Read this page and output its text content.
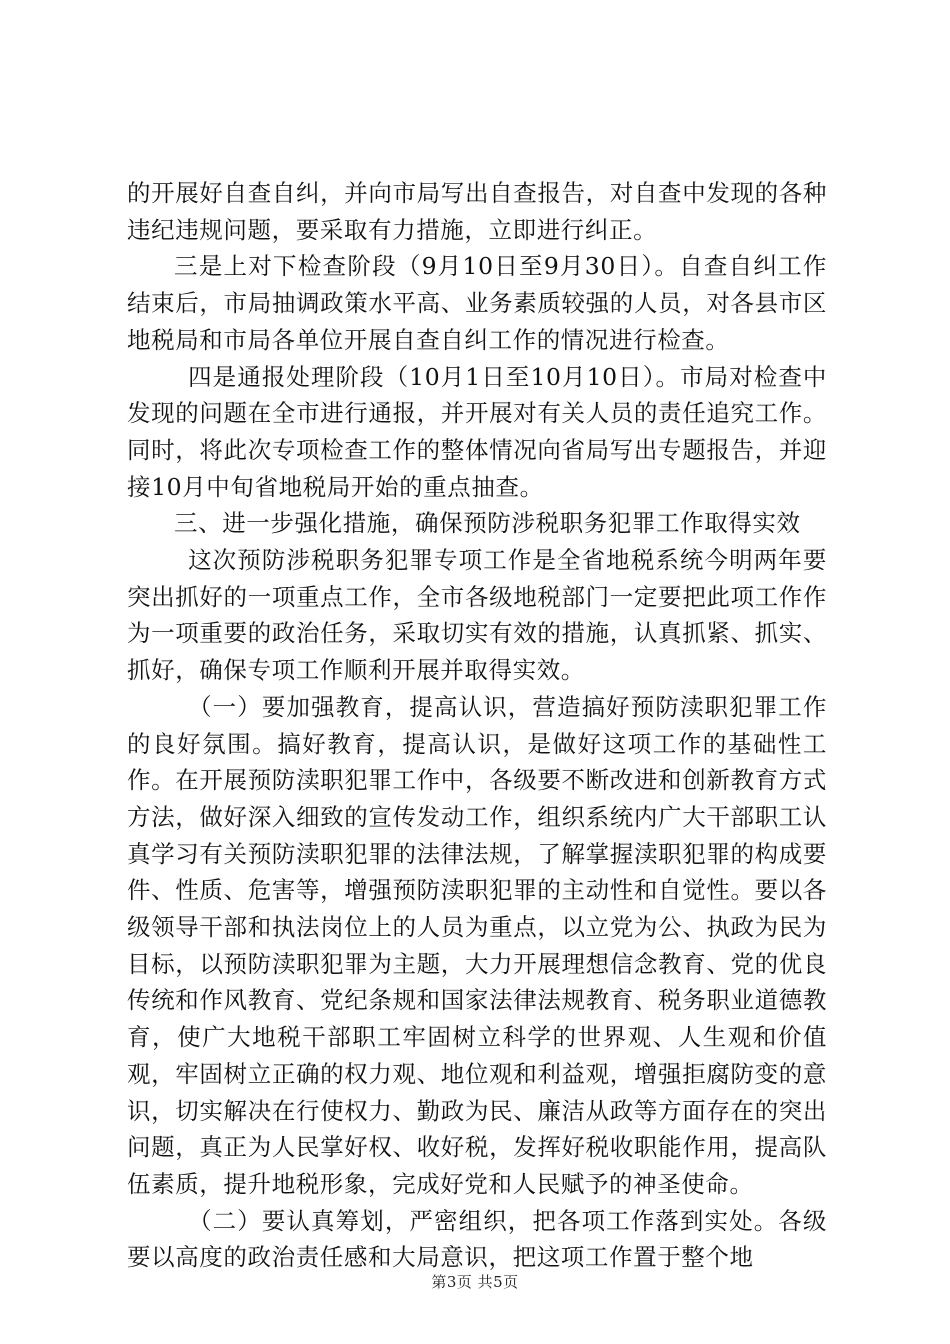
的开展好自查自纠，并向市局写出自查报告，对自查中发现的各种违纪违规问题，要采取有力措施，立即进行纠正。

三是上对下检查阶段（9月10日至9月30日）。自查自纠工作结束后，市局抽调政策水平高、业务素质较强的人员，对各县市区地税局和市局各单位开展自查自纠工作的情况进行检查。

四是通报处理阶段（10月1日至10月10日）。市局对检查中发现的问题在全市进行通报，并开展对有关人员的责任追究工作。同时，将此次专项检查工作的整体情况向省局写出专题报告，并迎接10月中旬省地税局开始的重点抽查。

三、进一步强化措施，确保预防涉税职务犯罪工作取得实效

这次预防涉税职务犯罪专项工作是全省地税系统今明两年要突出抓好的一项重点工作，全市各级地税部门一定要把此项工作作为一项重要的政治任务，采取切实有效的措施，认真抓紧、抓实、抓好，确保专项工作顺利开展并取得实效。

（一）要加强教育，提高认识，营造搞好预防渎职犯罪工作的良好氛围。搞好教育，提高认识，是做好这项工作的基础性工作。在开展预防渎职犯罪工作中，各级要不断改进和创新教育方式方法，做好深入细致的宣传发动工作，组织系统内广大干部职工认真学习有关预防渎职犯罪的法律法规，了解掌握渎职犯罪的构成要件、性质、危害等，增强预防渎职犯罪的主动性和自觉性。要以各级领导干部和执法岗位上的人员为重点，以立党为公、执政为民为目标，以预防渎职犯罪为主题，大力开展理想信念教育、党的优良传统和作风教育、党纪条规和国家法律法规教育、税务职业道德教育，使广大地税干部职工牢固树立科学的世界观、人生观和价值观，牢固树立正确的权力观、地位观和利益观，增强拒腐防变的意识，切实解决在行使权力、勤政为民、廉洁从政等方面存在的突出问题，真正为人民掌好权、收好税，发挥好税收职能作用，提高队伍素质，提升地税形象，完成好党和人民赋予的神圣使命。

（二）要认真筹划，严密组织，把各项工作落到实处。各级要以高度的政治责任感和大局意识，把这项工作置于整个地

第3页 共5页
